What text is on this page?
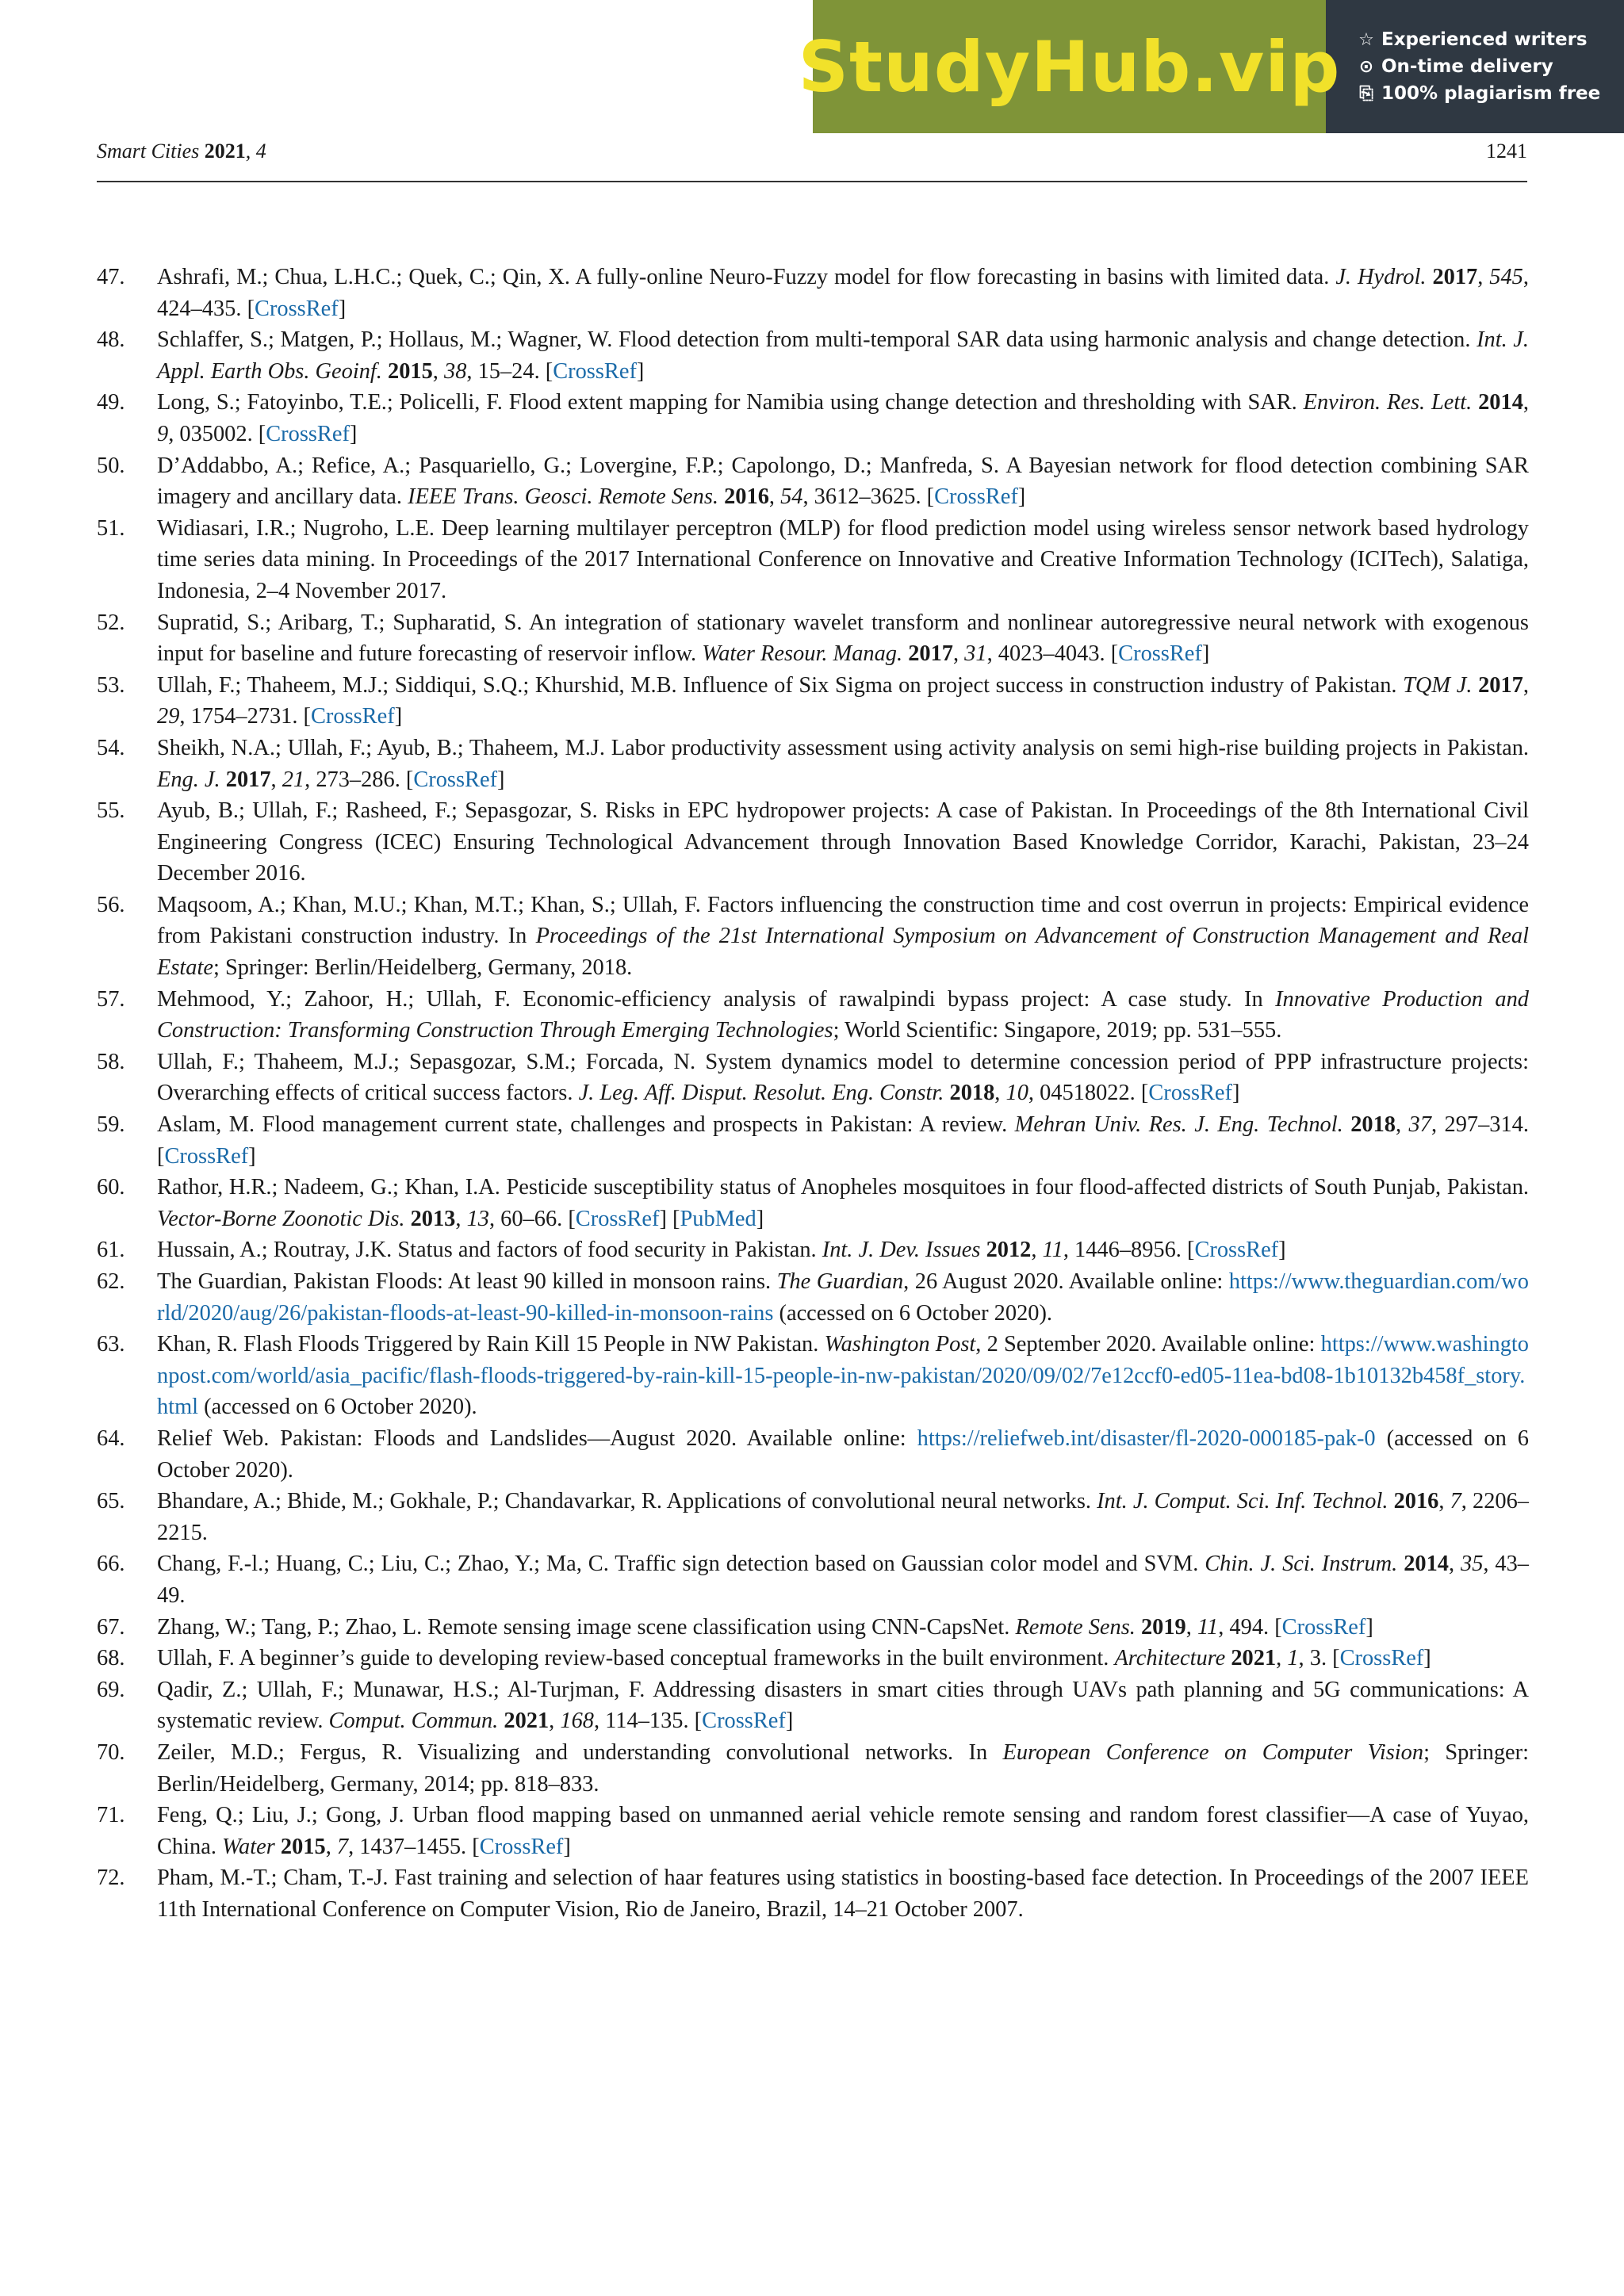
StudyHub.vip ☆ Experienced writers
⊙ On-time delivery
⎘ 100% plagiarism free
Smart Cities 2021, 4	1241
47.	Ashrafi, M.; Chua, L.H.C.; Quek, C.; Qin, X. A fully-online Neuro-Fuzzy model for flow forecasting in basins with limited data. J. Hydrol. 2017, 545, 424–435. [CrossRef]
48.	Schlaffer, S.; Matgen, P.; Hollaus, M.; Wagner, W. Flood detection from multi-temporal SAR data using harmonic analysis and change detection. Int. J. Appl. Earth Obs. Geoinf. 2015, 38, 15–24. [CrossRef]
49.	Long, S.; Fatoyinbo, T.E.; Policelli, F. Flood extent mapping for Namibia using change detection and thresholding with SAR. Environ. Res. Lett. 2014, 9, 035002. [CrossRef]
50.	D’Addabbo, A.; Refice, A.; Pasquariello, G.; Lovergine, F.P.; Capolongo, D.; Manfreda, S. A Bayesian network for flood detection combining SAR imagery and ancillary data. IEEE Trans. Geosci. Remote Sens. 2016, 54, 3612–3625. [CrossRef]
51.	Widiasari, I.R.; Nugroho, L.E. Deep learning multilayer perceptron (MLP) for flood prediction model using wireless sensor network based hydrology time series data mining. In Proceedings of the 2017 International Conference on Innovative and Creative Information Technology (ICITech), Salatiga, Indonesia, 2–4 November 2017.
52.	Supratid, S.; Aribarg, T.; Supharatid, S. An integration of stationary wavelet transform and nonlinear autoregressive neural network with exogenous input for baseline and future forecasting of reservoir inflow. Water Resour. Manag. 2017, 31, 4023–4043. [CrossRef]
53.	Ullah, F.; Thaheem, M.J.; Siddiqui, S.Q.; Khurshid, M.B. Influence of Six Sigma on project success in construction industry of Pakistan. TQM J. 2017, 29, 1754–2731. [CrossRef]
54.	Sheikh, N.A.; Ullah, F.; Ayub, B.; Thaheem, M.J. Labor productivity assessment using activity analysis on semi high-rise building projects in Pakistan. Eng. J. 2017, 21, 273–286. [CrossRef]
55.	Ayub, B.; Ullah, F.; Rasheed, F.; Sepasgozar, S. Risks in EPC hydropower projects: A case of Pakistan. In Proceedings of the 8th International Civil Engineering Congress (ICEC) Ensuring Technological Advancement through Innovation Based Knowledge Corridor, Karachi, Pakistan, 23–24 December 2016.
56.	Maqsoom, A.; Khan, M.U.; Khan, M.T.; Khan, S.; Ullah, F. Factors influencing the construction time and cost overrun in projects: Empirical evidence from Pakistani construction industry. In Proceedings of the 21st International Symposium on Advancement of Construction Management and Real Estate; Springer: Berlin/Heidelberg, Germany, 2018.
57.	Mehmood, Y.; Zahoor, H.; Ullah, F. Economic-efficiency analysis of rawalpindi bypass project: A case study. In Innovative Production and Construction: Transforming Construction Through Emerging Technologies; World Scientific: Singapore, 2019; pp. 531–555.
58.	Ullah, F.; Thaheem, M.J.; Sepasgozar, S.M.; Forcada, N. System dynamics model to determine concession period of PPP infrastructure projects: Overarching effects of critical success factors. J. Leg. Aff. Disput. Resolut. Eng. Constr. 2018, 10, 04518022. [CrossRef]
59.	Aslam, M. Flood management current state, challenges and prospects in Pakistan: A review. Mehran Univ. Res. J. Eng. Technol. 2018, 37, 297–314. [CrossRef]
60.	Rathor, H.R.; Nadeem, G.; Khan, I.A. Pesticide susceptibility status of Anopheles mosquitoes in four flood-affected districts of South Punjab, Pakistan. Vector-Borne Zoonotic Dis. 2013, 13, 60–66. [CrossRef] [PubMed]
61.	Hussain, A.; Routray, J.K. Status and factors of food security in Pakistan. Int. J. Dev. Issues 2012, 11, 1446–8956. [CrossRef]
62.	The Guardian, Pakistan Floods: At least 90 killed in monsoon rains. The Guardian, 26 August 2020. Available online: https://www.theguardian.com/world/2020/aug/26/pakistan-floods-at-least-90-killed-in-monsoon-rains (accessed on 6 October 2020).
63.	Khan, R. Flash Floods Triggered by Rain Kill 15 People in NW Pakistan. Washington Post, 2 September 2020. Available online: https://www.washingtonpost.com/world/asia_pacific/flash-floods-triggered-by-rain-kill-15-people-in-nw-pakistan/2020/09/02/7e12ccf0-ed05-11ea-bd08-1b10132b458f_story.html (accessed on 6 October 2020).
64.	Relief Web. Pakistan: Floods and Landslides—August 2020. Available online: https://reliefweb.int/disaster/fl-2020-000185-pak-0 (accessed on 6 October 2020).
65.	Bhandare, A.; Bhide, M.; Gokhale, P.; Chandavarkar, R. Applications of convolutional neural networks. Int. J. Comput. Sci. Inf. Technol. 2016, 7, 2206–2215.
66.	Chang, F.-l.; Huang, C.; Liu, C.; Zhao, Y.; Ma, C. Traffic sign detection based on Gaussian color model and SVM. Chin. J. Sci. Instrum. 2014, 35, 43–49.
67.	Zhang, W.; Tang, P.; Zhao, L. Remote sensing image scene classification using CNN-CapsNet. Remote Sens. 2019, 11, 494. [CrossRef]
68.	Ullah, F. A beginner’s guide to developing review-based conceptual frameworks in the built environment. Architecture 2021, 1, 3. [CrossRef]
69.	Qadir, Z.; Ullah, F.; Munawar, H.S.; Al-Turjman, F. Addressing disasters in smart cities through UAVs path planning and 5G communications: A systematic review. Comput. Commun. 2021, 168, 114–135. [CrossRef]
70.	Zeiler, M.D.; Fergus, R. Visualizing and understanding convolutional networks. In European Conference on Computer Vision; Springer: Berlin/Heidelberg, Germany, 2014; pp. 818–833.
71.	Feng, Q.; Liu, J.; Gong, J. Urban flood mapping based on unmanned aerial vehicle remote sensing and random forest classifier—A case of Yuyao, China. Water 2015, 7, 1437–1455. [CrossRef]
72.	Pham, M.-T.; Cham, T.-J. Fast training and selection of haar features using statistics in boosting-based face detection. In Proceedings of the 2007 IEEE 11th International Conference on Computer Vision, Rio de Janeiro, Brazil, 14–21 October 2007.
